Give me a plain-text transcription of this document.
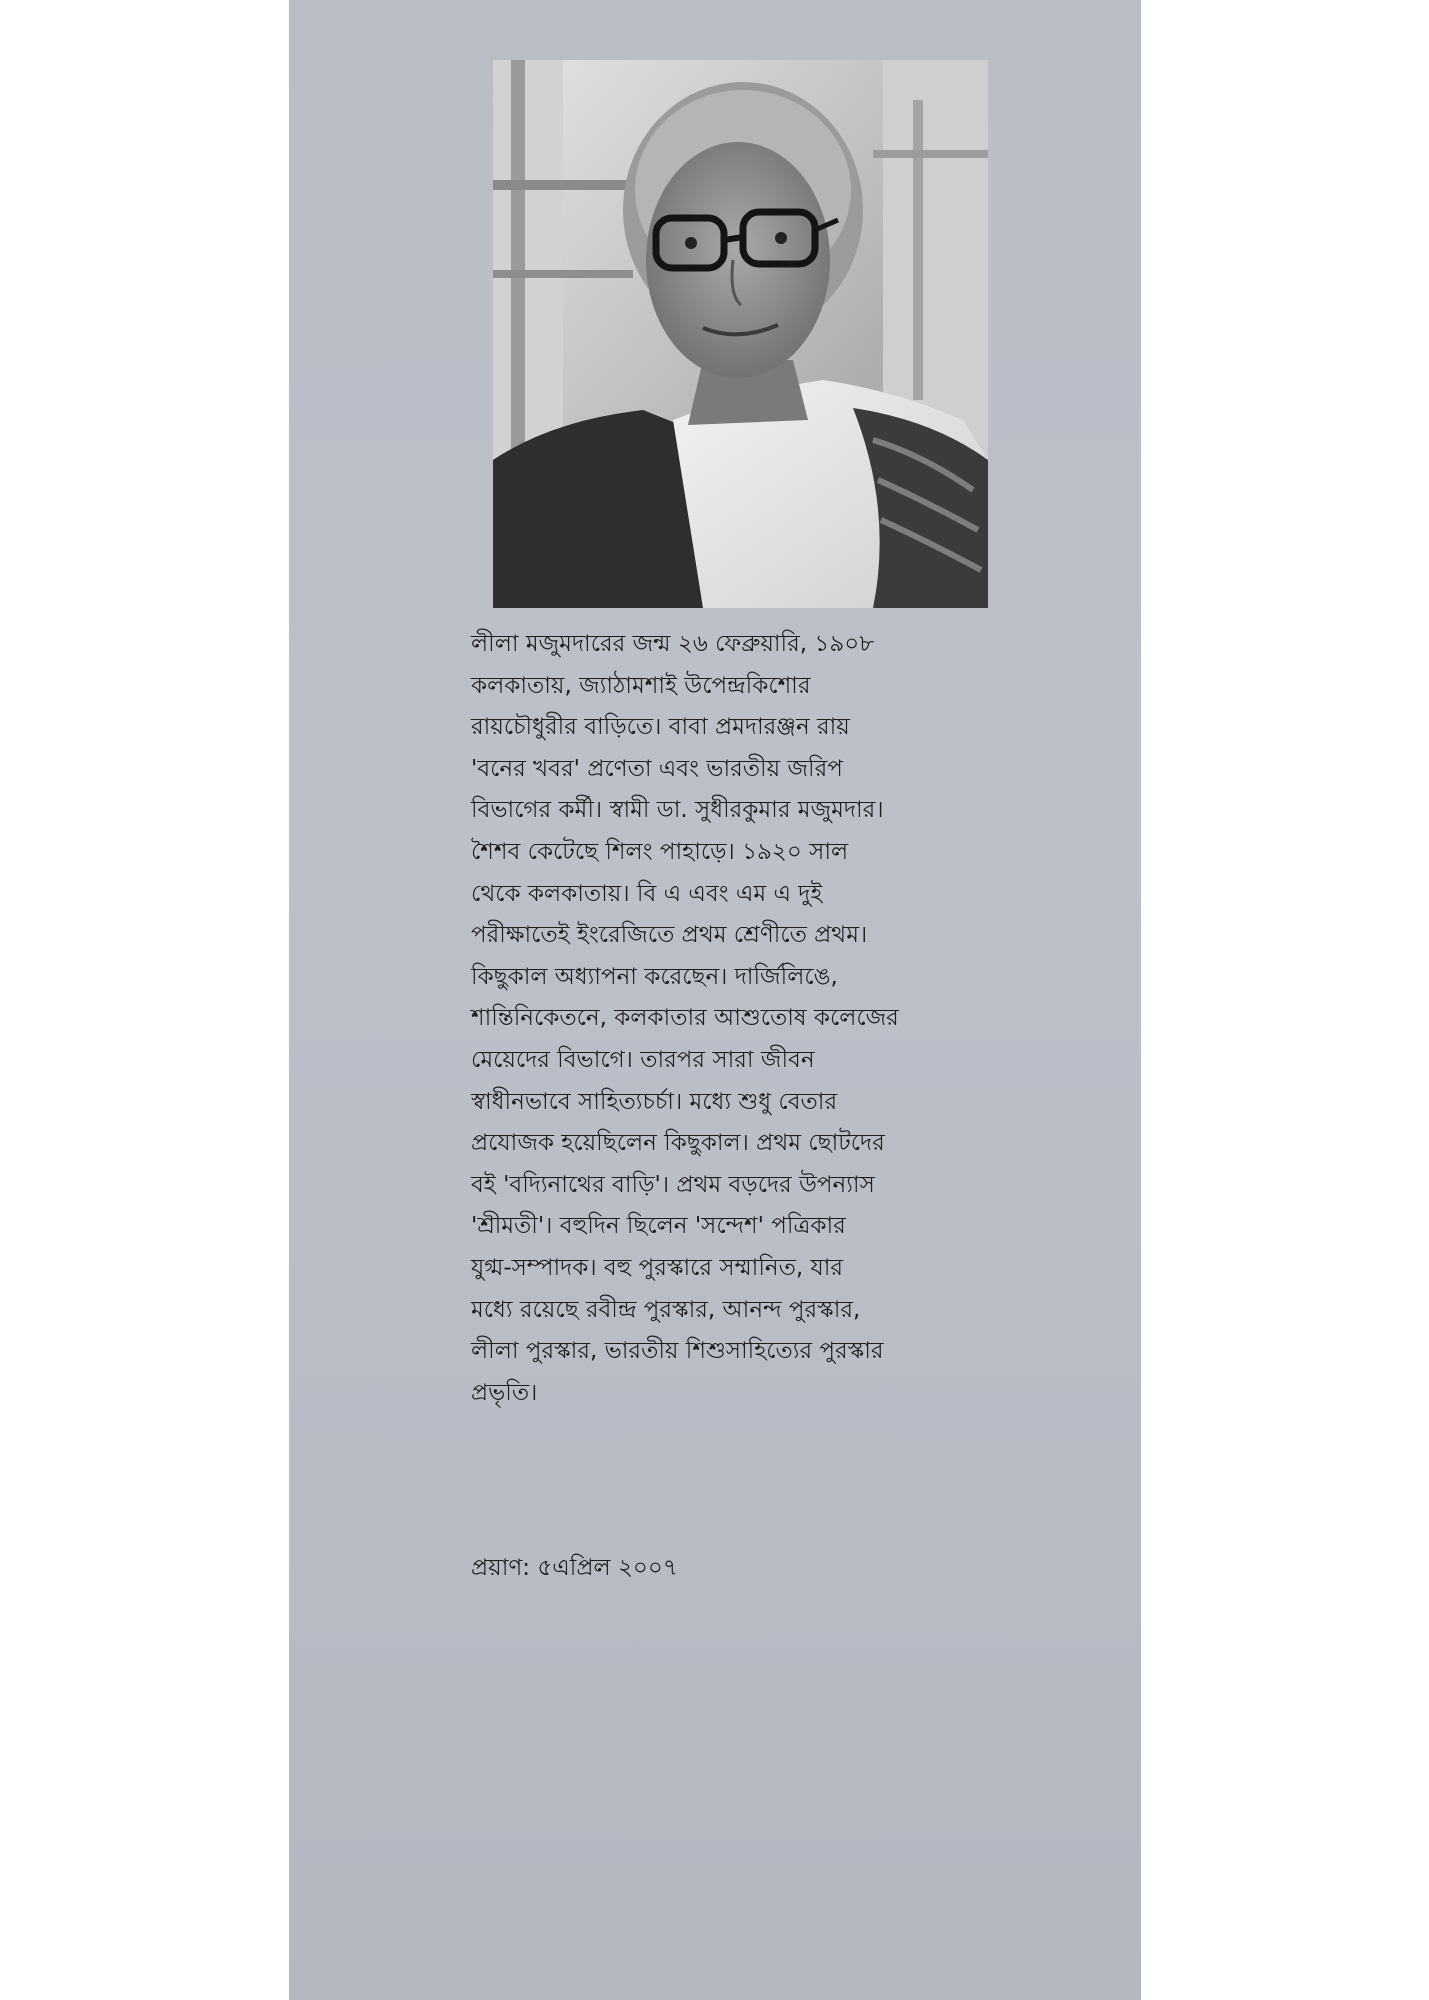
লীলা মজুমদারের জন্ম ২৬ ফেব্রুয়ারি, ১৯০৮
কলকাতায়, জ্যাঠামশাই উপেন্দ্রকিশোর
রায়চৌধুরীর বাড়িতে। বাবা প্রমদারঞ্জন রায়
'বনের খবর' প্রণেতা এবং ভারতীয় জরিপ
বিভাগের কর্মী। স্বামী ডা. সুধীরকুমার মজুমদার।
শৈশব কেটেছে শিলং পাহাড়ে। ১৯২০ সাল
থেকে কলকাতায়। বি এ এবং এম এ দুই
পরীক্ষাতেই ইংরেজিতে প্রথম শ্রেণীতে প্রথম।
কিছুকাল অধ্যাপনা করেছেন। দার্জিলিঙে,
শান্তিনিকেতনে, কলকাতার আশুতোষ কলেজের
মেয়েদের বিভাগে। তারপর সারা জীবন
স্বাধীনভাবে সাহিত্যচর্চা। মধ্যে শুধু বেতার
প্রযোজক হয়েছিলেন কিছুকাল। প্রথম ছোটদের
বই 'বদ্যিনাথের বাড়ি'। প্রথম বড়দের উপন্যাস
'শ্রীমতী'। বহুদিন ছিলেন 'সন্দেশ' পত্রিকার
যুগ্ম-সম্পাদক। বহু পুরস্কারে সম্মানিত, যার
মধ্যে রয়েছে রবীন্দ্র পুরস্কার, আনন্দ পুরস্কার,
লীলা পুরস্কার, ভারতীয় শিশুসাহিত্যের পুরস্কার
প্রভৃতি।
প্রয়াণ: ৫এপ্রিল ২০০৭
